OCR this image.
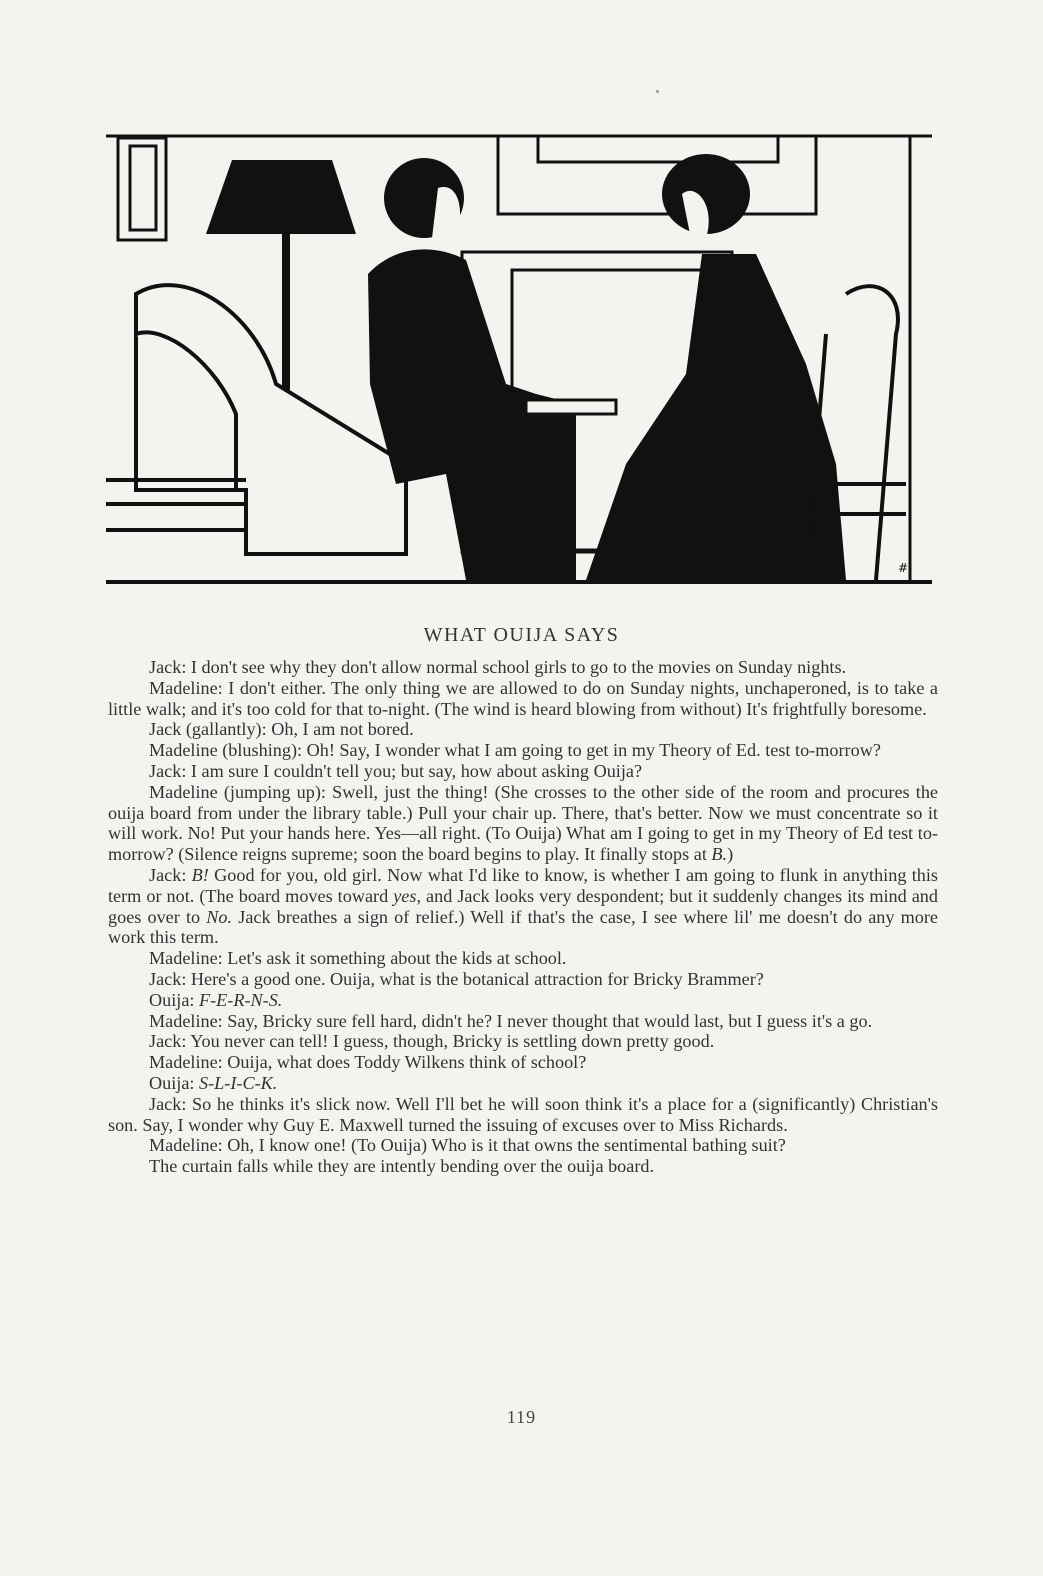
#
WHAT OUIJA SAYS

Jack: I don't see why they don't allow normal school girls to go to the movies on Sunday nights.

Madeline: I don't either. The only thing we are allowed to do on Sunday nights, unchaperoned, is to take a little walk; and it's too cold for that to-night. (The wind is heard blowing from without) It's frightfully boresome.

Jack (gallantly): Oh, I am not bored.

Madeline (blushing): Oh! Say, I wonder what I am going to get in my Theory of Ed. test to-morrow?

Jack: I am sure I couldn't tell you; but say, how about asking Ouija?

Madeline (jumping up): Swell, just the thing! (She crosses to the other side of the room and procures the ouija board from under the library table.) Pull your chair up. There, that's better. Now we must concentrate so it will work. No! Put your hands here. Yes—all right. (To Ouija) What am I going to get in my Theory of Ed test to-morrow? (Silence reigns supreme; soon the board begins to play. It finally stops at B.)

Jack: B! Good for you, old girl. Now what I'd like to know, is whether I am going to flunk in anything this term or not. (The board moves toward yes, and Jack looks very despondent; but it suddenly changes its mind and goes over to No. Jack breathes a sign of relief.) Well if that's the case, I see where lil' me doesn't do any more work this term.

Madeline: Let's ask it something about the kids at school.

Jack: Here's a good one. Ouija, what is the botanical attraction for Bricky Brammer?

Ouija: F-E-R-N-S.

Madeline: Say, Bricky sure fell hard, didn't he? I never thought that would last, but I guess it's a go.

Jack: You never can tell! I guess, though, Bricky is settling down pretty good.

Madeline: Ouija, what does Toddy Wilkens think of school?

Ouija: S-L-I-C-K.

Jack: So he thinks it's slick now. Well I'll bet he will soon think it's a place for a (significantly) Christian's son. Say, I wonder why Guy E. Maxwell turned the issuing of excuses over to Miss Richards.

Madeline: Oh, I know one! (To Ouija) Who is it that owns the sentimental bathing suit?

The curtain falls while they are intently bending over the ouija board.

119
